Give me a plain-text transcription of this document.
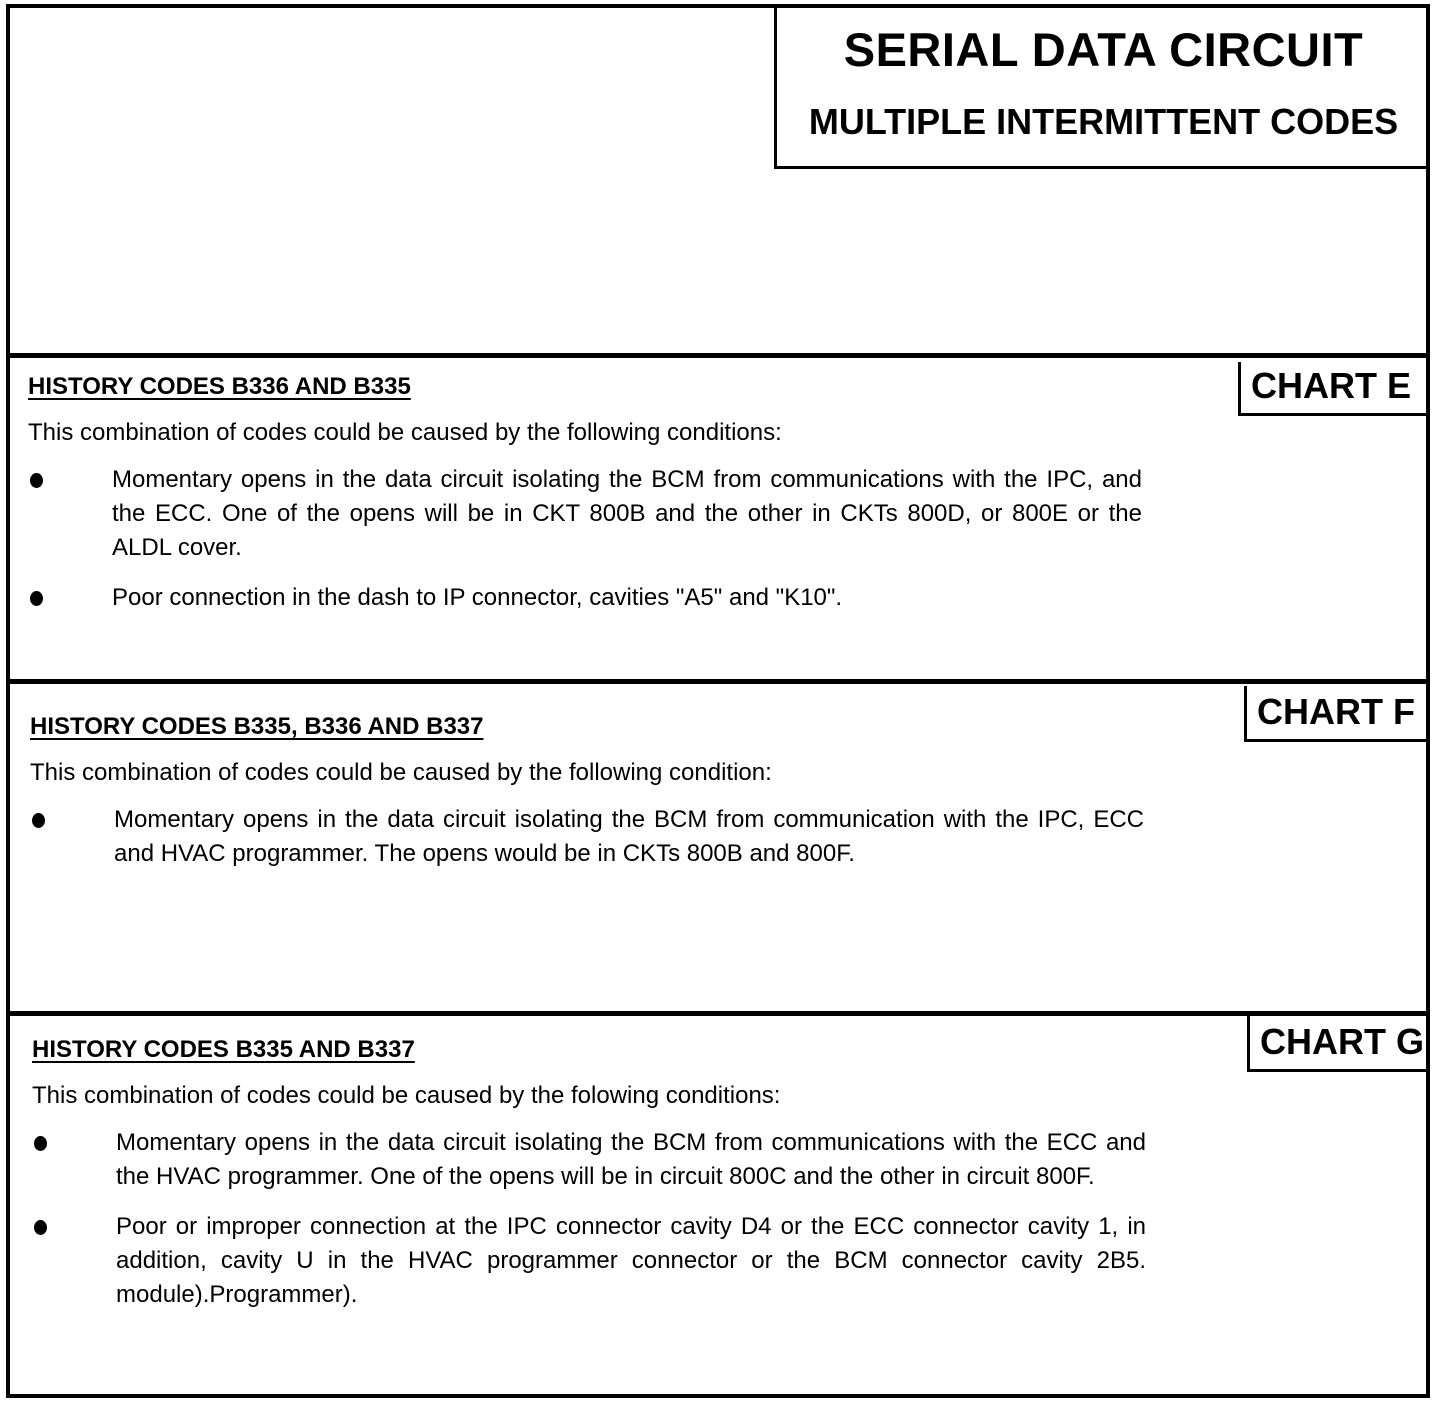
SERIAL DATA CIRCUIT
MULTIPLE INTERMITTENT CODES
CHART E
CHART F
CHART G
HISTORY CODES B336 AND B335
This combination of codes could be caused by the following conditions:
Momentary opens in the data circuit isolating the BCM from communications with the IPC, and the ECC. One of the opens will be in CKT 800B and the other in CKTs 800D, or 800E or the ALDL cover.
Poor connection in the dash to IP connector, cavities "A5" and "K10".
HISTORY CODES B335, B336 AND B337
This combination of codes could be caused by the following condition:
Momentary opens in the data circuit isolating the BCM from communication with the IPC, ECC and HVAC programmer. The opens would be in CKTs 800B and 800F.
HISTORY CODES B335 AND B337
This combination of codes could be caused by the folowing conditions:
Momentary opens in the data circuit isolating the BCM from communications with the ECC and the HVAC programmer. One of the opens will be in circuit 800C and the other in circuit 800F.
Poor or improper connection at the IPC connector cavity D4 or the ECC connector cavity 1, in addition, cavity U in the HVAC programmer connector or the BCM connector cavity 2B5. module).Programmer).
